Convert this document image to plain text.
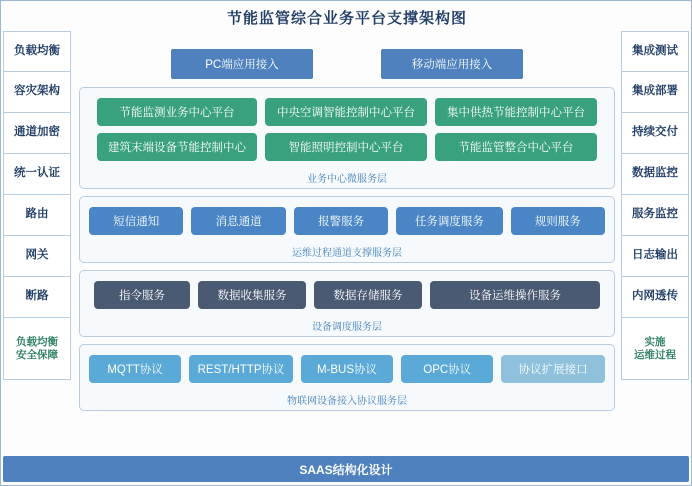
节能监管综合业务平台支撑架构图
负载均衡
容灾架构
通道加密
统一认证
路由
网关
断路
负载均衡
安全保障
集成测试
集成部署
持续交付
数据监控
服务监控
日志输出
内网透传
实施
运维过程
PC端应用接入	移动端应用接入
节能监测业务中心平台	中央空调智能控制中心平台	集中供热节能控制中心平台
建筑末端设备节能控制中心	智能照明控制中心平台	节能监管整合中心平台
业务中心微服务层
短信通知	消息通道	报警服务	任务调度服务	规则服务
运维过程通道支撑服务层
指令服务	数据收集服务	数据存储服务	设备运维操作服务
设备调度服务层
MQTT协议	REST/HTTP协议	M-BUS协议	OPC协议	协议扩展接口
物联网设备接入协议服务层
SAAS结构化设计
